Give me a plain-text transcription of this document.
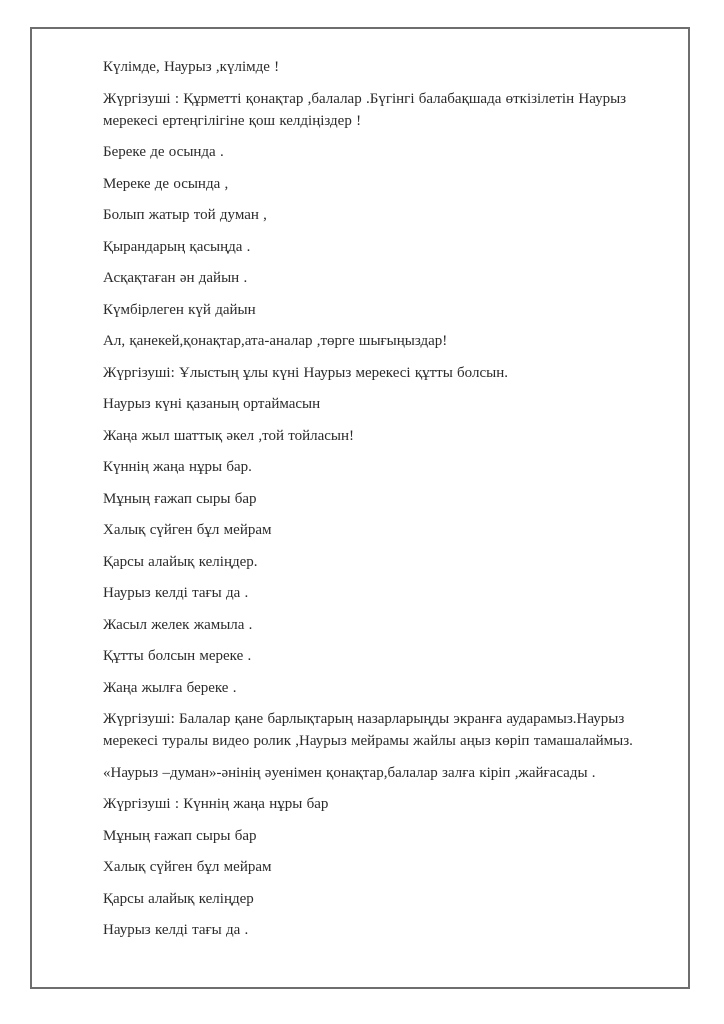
Күлімде, Наурыз ,күлімде !

Жүргізуші : Құрметті қонақтар ,балалар .Бүгінгі балабақшада өткізілетін Наурыз мерекесі ертеңгілігіне қош келдіңіздер !

Береке де осында .

Мереке де осында ,

Болып жатыр той думан ,

Қырандарың қасыңда .

Асқақтаған ән дайын .

Күмбірлеген күй дайын

Ал, қанекей,қонақтар,ата-аналар ,төрге шығыңыздар!

Жүргізуші: Ұлыстың ұлы күні Наурыз мерекесі құтты болсын.

Наурыз күні қазаның ортаймасын

Жаңа жыл шаттық әкел ,той тойласын!

Күннің жаңа нұры бар.

Мұның ғажап сыры бар

Халық сүйген бұл мейрам

Қарсы алайық келіңдер.

Наурыз келді тағы да .

Жасыл желек жамыла .

Құтты болсын мереке .

Жаңа жылға береке .

Жүргізуші: Балалар қане барлықтарың назарларыңды экранға аударамыз.Наурыз мерекесі туралы видео ролик ,Наурыз мейрамы жайлы аңыз көріп тамашалаймыз.

«Наурыз –думан»-әнінің әуенімен қонақтар,балалар залға кіріп ,жайғасады .

Жүргізуші : Күннің жаңа нұры бар

Мұның ғажап сыры бар

Халық сүйген бұл мейрам

Қарсы алайық келіңдер

Наурыз келді тағы да .
